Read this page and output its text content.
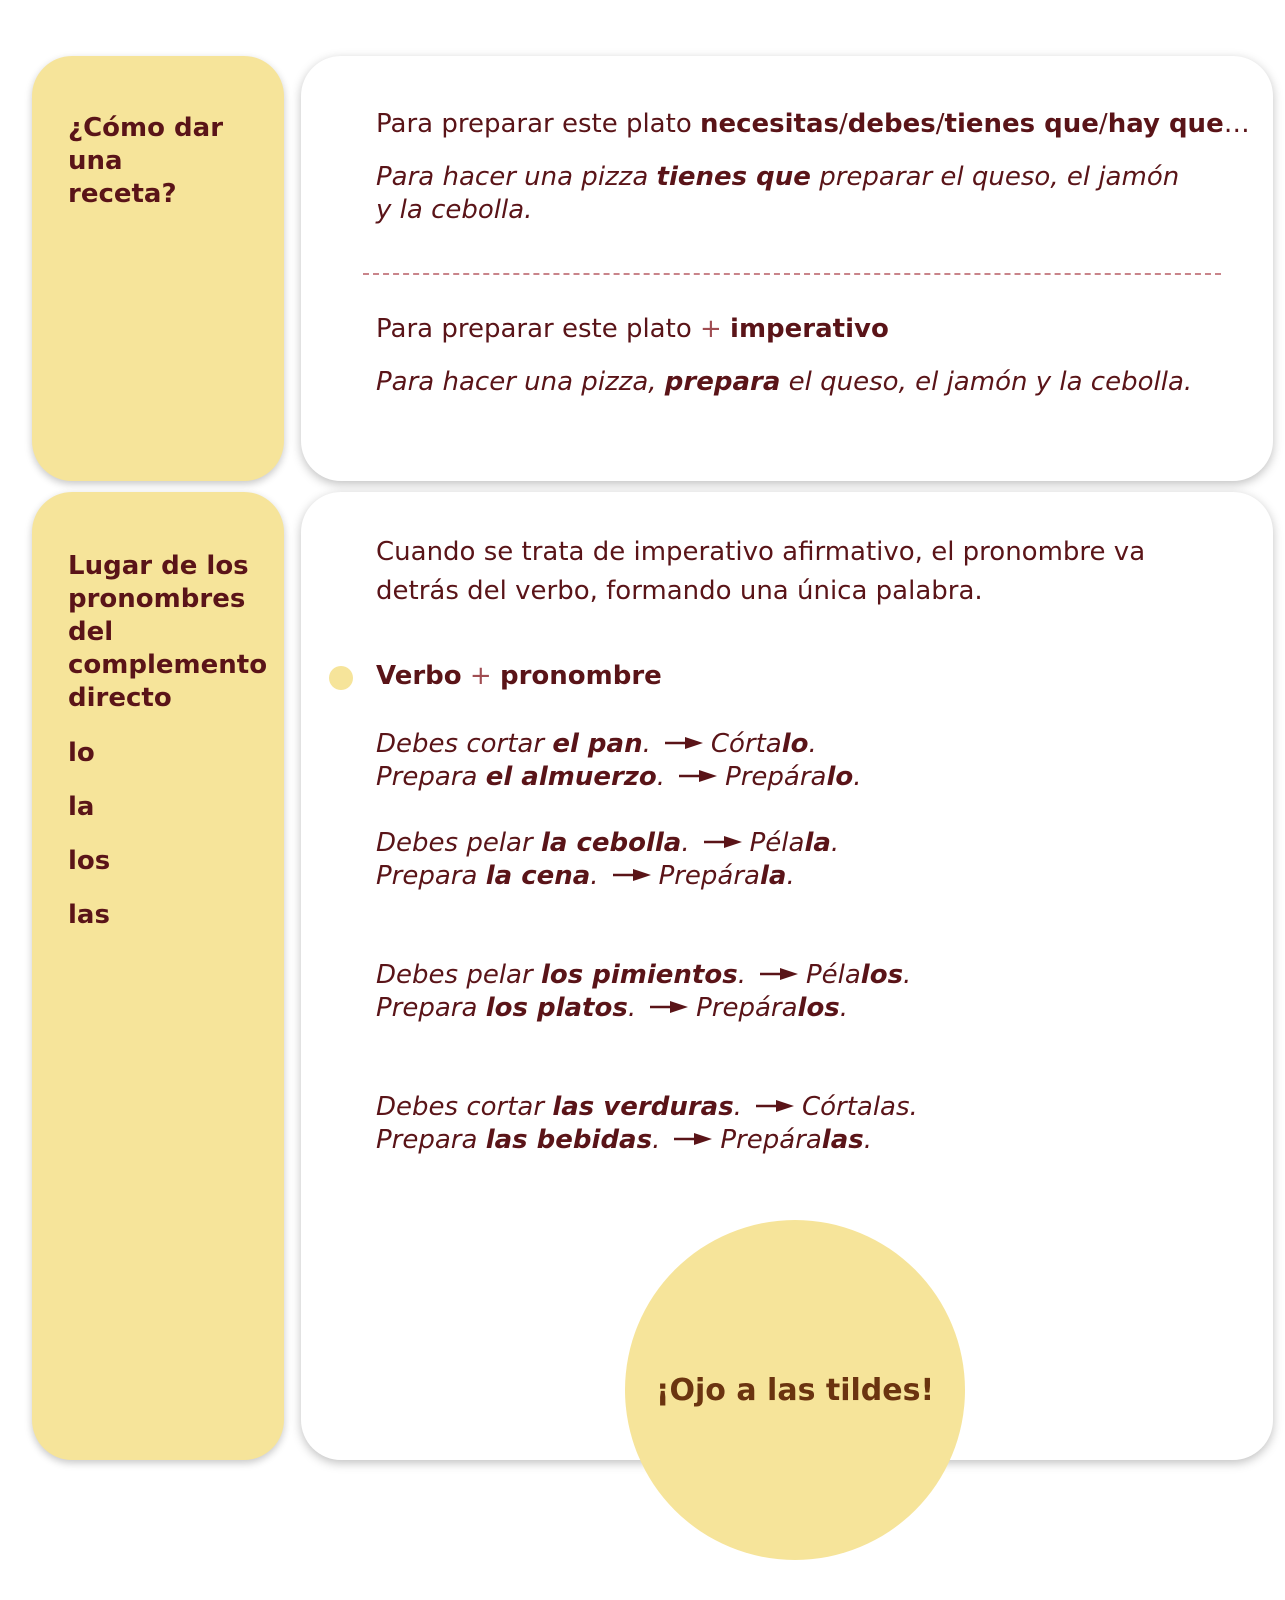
¿Cómo dar una receta?
Para preparar este plato necesitas/debes/tienes que/hay que…
Para hacer una pizza tienes que preparar el queso, el jamón
y la cebolla.
Para preparar este plato + imperativo
Para hacer una pizza, prepara el queso, el jamón y la cebolla.
Lugar de los pronombres del complemento directo
lo
la
los
las
Cuando se trata de imperativo afirmativo, el pronombre va
detrás del verbo, formando una única palabra.
Verbo + pronombre
Debes cortar el pan. Córtalo.
Prepara el almuerzo. Prepáralo.
Debes pelar la cebolla. Pélala.
Prepara la cena. Prepárala.
Debes pelar los pimientos. Pélalos.
Prepara los platos. Prepáralos.
Debes cortar las verduras. Córtalas.
Prepara las bebidas. Prepáralas.
¡Ojo a las tildes!
